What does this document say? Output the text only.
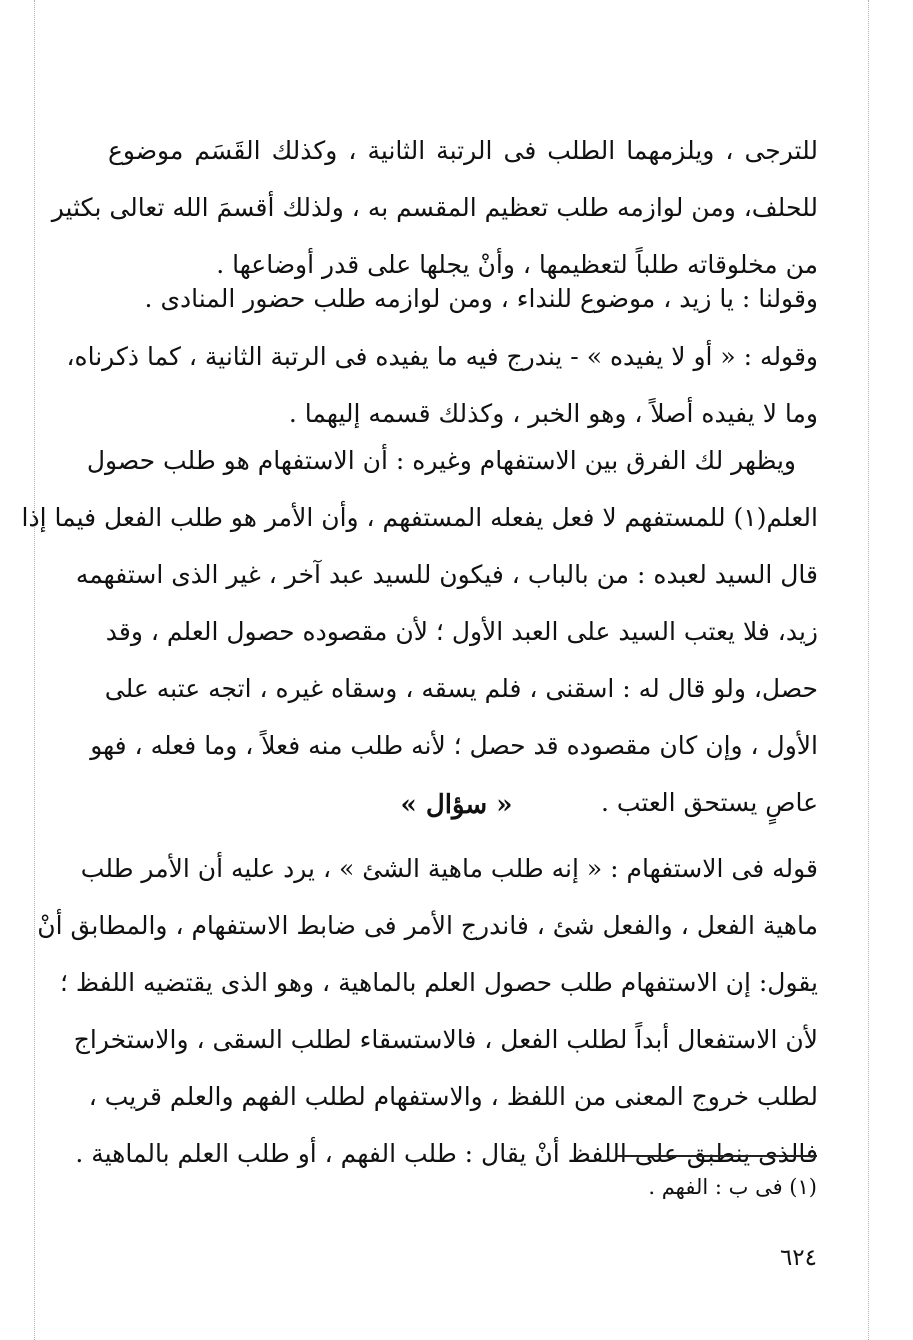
للترجى ، ويلزمهما الطلب فى الرتبة الثانية ، وكذلك القَسَم موضوع
للحلف، ومن لوازمه طلب تعظيم المقسم به ، ولذلك أقسمَ الله تعالى بكثير
من مخلوقاته طلباً لتعظيمها ، وأنْ يجلها على قدر أوضاعها .
وقولنا : يا زيد ، موضوع للنداء ، ومن لوازمه طلب حضور المنادى .
وقوله : « أو لا يفيده » - يندرج فيه ما يفيده فى الرتبة الثانية ، كما ذكرناه،
وما لا يفيده أصلاً ، وهو الخبر ، وكذلك قسمه إليهما .
ويظهر لك الفرق بين الاستفهام وغيره : أن الاستفهام هو طلب حصول
العلم(١) للمستفهم لا فعل يفعله المستفهم ، وأن الأمر هو طلب الفعل فيما إذا
قال السيد لعبده : من بالباب ، فيكون للسيد عبد آخر ، غير الذى استفهمه
زيد، فلا يعتب السيد على العبد الأول ؛ لأن مقصوده حصول العلم ، وقد
حصل، ولو قال له : اسقنى ، فلم يسقه ، وسقاه غيره ، اتجه عتبه على
الأول ، وإن كان مقصوده قد حصل ؛ لأنه طلب منه فعلاً ، وما فعله ، فهو
عاصٍ يستحق العتب .
« سؤال »
قوله فى الاستفهام : « إنه طلب ماهية الشئ » ، يرد عليه أن الأمر طلب
ماهية الفعل ، والفعل شئ ، فاندرج الأمر فى ضابط الاستفهام ، والمطابق أنْ
يقول: إن الاستفهام طلب حصول العلم بالماهية ، وهو الذى يقتضيه اللفظ ؛
لأن الاستفعال أبداً لطلب الفعل ، فالاستسقاء لطلب السقى ، والاستخراج
لطلب خروج المعنى من اللفظ ، والاستفهام لطلب الفهم والعلم قريب ،
فالذى ينطبق على اللفظ أنْ يقال : طلب الفهم ، أو طلب العلم بالماهية .
(١) فى ب : الفهم .
٦٢٤
